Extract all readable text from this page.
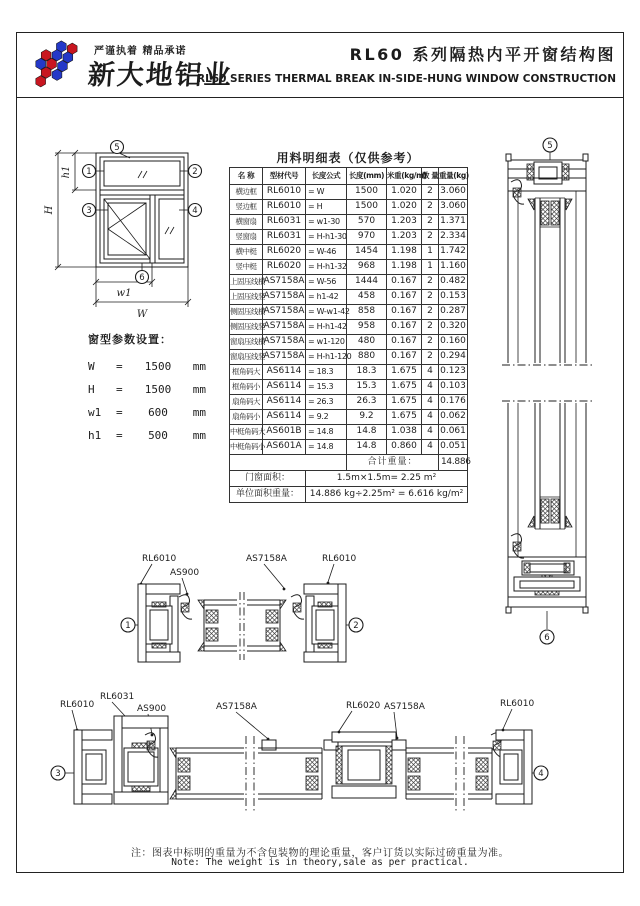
严谨执着 精品承诺
新大地铝业
RL60 系列隔热内平开窗结构图
RL60 SERIES THERMAL BREAK IN-SIDE-HUNG WINDOW CONSTRUCTION
H
h1
w1
W
5
1	2
3	4
6
窗型参数设置：
W	=	1500	mm
H	=	1500	mm
w1	=	600	mm
h1	=	500	mm
用料明细表（仅供参考）
名 称	型材代号	长度公式	长度(mm)	米重(kg/m)	数 量	重量(kg)
横边框	RL6010	= W	1500	1.020	2	3.060
竖边框	RL6010	= H	1500	1.020	2	3.060
横窗扇	RL6031	= w1-30	570	1.203	2	1.371
竖窗扇	RL6031	= H-h1-30	970	1.203	2	2.334
横中梃	RL6020	= W-46	1454	1.198	1	1.742
竖中梃	RL6020	= H-h1-32	968	1.198	1	1.160
上固压线横	AS7158A	= W-56	1444	0.167	2	0.482
上固压线竖	AS7158A	= h1-42	458	0.167	2	0.153
侧固压线横	AS7158A	= W-w1-42	858	0.167	2	0.287
侧固压线竖	AS7158A	= H-h1-42	958	0.167	2	0.320
窗扇压线横	AS7158A	= w1-120	480	0.167	2	0.160
窗扇压线竖	AS7158A	= H-h1-120	880	0.167	2	0.294
框角码大	AS6114	= 18.3	18.3	1.675	4	0.123
框角码小	AS6114	= 15.3	15.3	1.675	4	0.103
扇角码大	AS6114	= 26.3	26.3	1.675	4	0.176
扇角码小	AS6114	= 9.2	9.2	1.675	4	0.062
中梃角码大	AS601B	= 14.8	14.8	1.038	4	0.061
中梃角码小	AS601A	= 14.8	14.8	0.860	4	0.051
			合计重量：			14.886
门窗面积：		1.5m×1.5m= 2.25 m²				
单位面积重量：		14.886 kg÷2.25m² = 6.616 kg/m²				
5
6
RL6010
AS900
1
AS7158A	RL6010
2
RL6010
RL6031
AS900
3
AS7158A	RL6020 AS7158A	RL6010
4
注：图表中标明的重量为不含包装物的理论重量，客户订货以实际过磅重量为准。
Note: The weight is in theory,sale as per practical.
